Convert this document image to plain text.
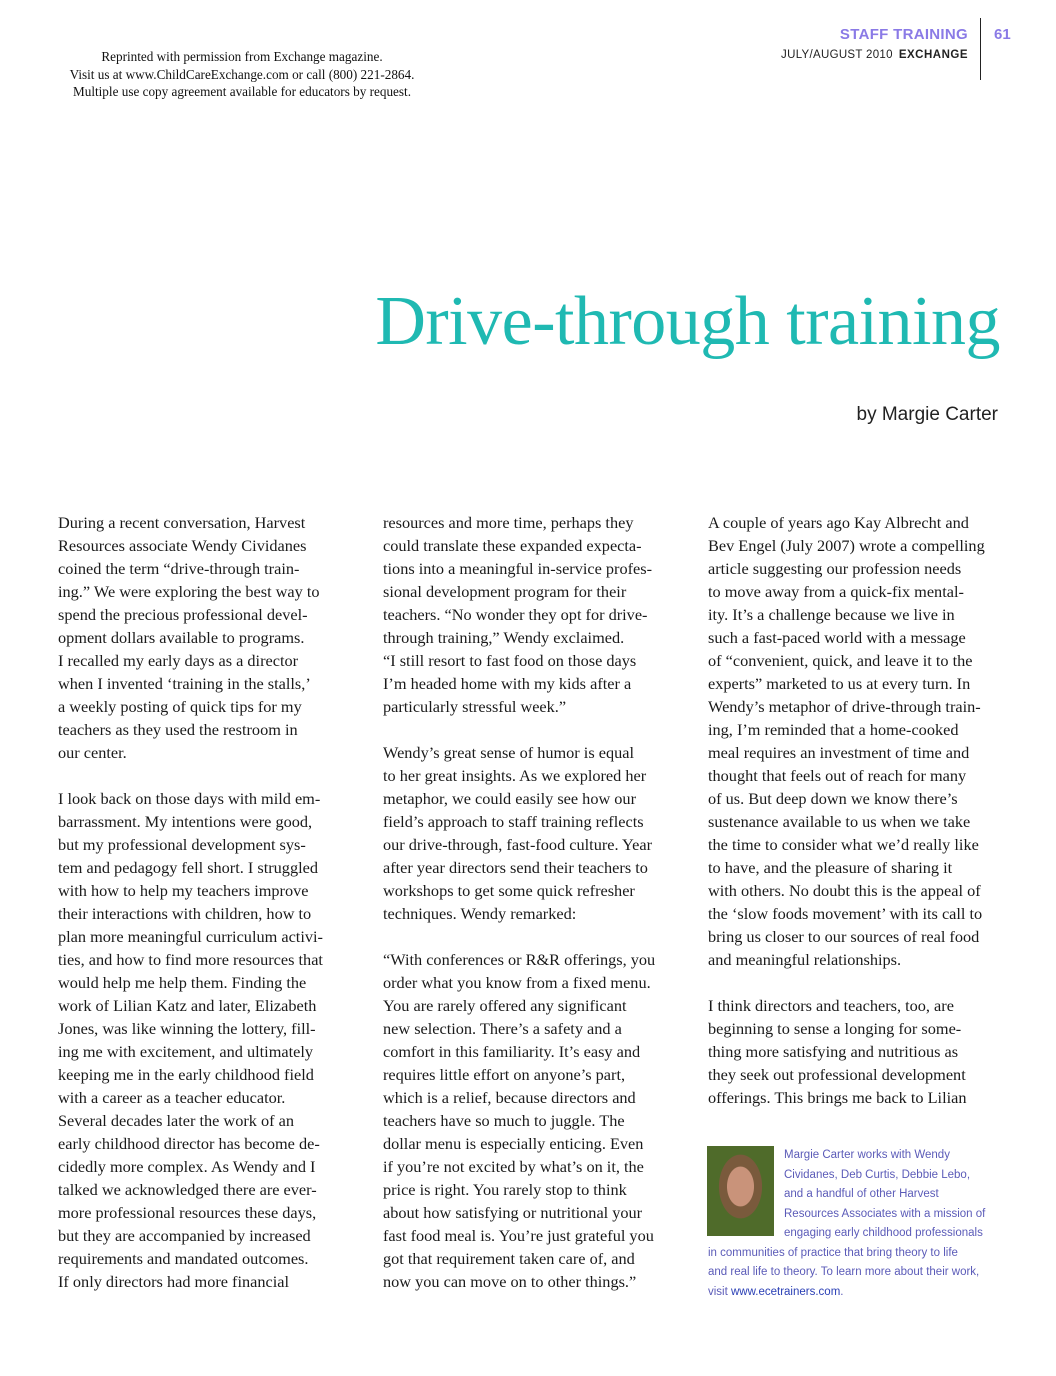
Reprinted with permission from Exchange magazine.
Visit us at www.ChildCareExchange.com or call (800) 221-2864.
Multiple use copy agreement available for educators by request.
STAFF TRAINING
JULY/AUGUST 2010 EXCHANGE
61
Drive-through training
by Margie Carter

During a recent conversation, Harvest
Resources associate Wendy Cividanes
coined the term “drive-through train-
ing.” We were exploring the best way to
spend the precious professional devel-
opment dollars available to programs.
I recalled my early days as a director
when I invented ‘training in the stalls,’
a weekly posting of quick tips for my
teachers as they used the restroom in
our center.

I look back on those days with mild em-
barrassment. My intentions were good,
but my professional development sys-
tem and pedagogy fell short. I struggled
with how to help my teachers improve
their interactions with children, how to
plan more meaningful curriculum activi-
ties, and how to find more resources that
would help me help them. Finding the
work of Lilian Katz and later, Elizabeth
Jones, was like winning the lottery, fill-
ing me with excitement, and ultimately
keeping me in the early childhood field
with a career as a teacher educator.
Several decades later the work of an
early childhood director has become de-
cidedly more complex. As Wendy and I
talked we acknowledged there are ever-
more professional resources these days,
but they are accompanied by increased
requirements and mandated outcomes.
If only directors had more financial

resources and more time, perhaps they
could translate these expanded expecta-
tions into a meaningful in-service profes-
sional development program for their
teachers. “No wonder they opt for drive-
through training,” Wendy exclaimed.
“I still resort to fast food on those days
I’m headed home with my kids after a
particularly stressful week.”

Wendy’s great sense of humor is equal
to her great insights. As we explored her
metaphor, we could easily see how our
field’s approach to staff training reflects
our drive-through, fast-food culture. Year
after year directors send their teachers to
workshops to get some quick refresher
techniques. Wendy remarked:

“With conferences or R&R offerings, you
order what you know from a fixed menu.
You are rarely offered any significant
new selection. There’s a safety and a
comfort in this familiarity. It’s easy and
requires little effort on anyone’s part,
which is a relief, because directors and
teachers have so much to juggle. The
dollar menu is especially enticing. Even
if you’re not excited by what’s on it, the
price is right. You rarely stop to think
about how satisfying or nutritional your
fast food meal is. You’re just grateful you
got that requirement taken care of, and
now you can move on to other things.”

A couple of years ago Kay Albrecht and
Bev Engel (July 2007) wrote a compelling
article suggesting our profession needs
to move away from a quick-fix mental-
ity. It’s a challenge because we live in
such a fast-paced world with a message
of “convenient, quick, and leave it to the
experts” marketed to us at every turn. In
Wendy’s metaphor of drive-through train-
ing, I’m reminded that a home-cooked
meal requires an investment of time and
thought that feels out of reach for many
of us. But deep down we know there’s
sustenance available to us when we take
the time to consider what we’d really like
to have, and the pleasure of sharing it
with others. No doubt this is the appeal of
the ‘slow foods movement’ with its call to
bring us closer to our sources of real food
and meaningful relationships.

I think directors and teachers, too, are
beginning to sense a longing for some-
thing more satisfying and nutritious as
they seek out professional development
offerings. This brings me back to Lilian

Margie Carter works with Wendy
Cividanes, Deb Curtis, Debbie Lebo,
and a handful of other Harvest
Resources Associates with a mission of
engaging early childhood professionals
in communities of practice that bring theory to life
and real life to theory. To learn more about their work,
visit www.ecetrainers.com.
